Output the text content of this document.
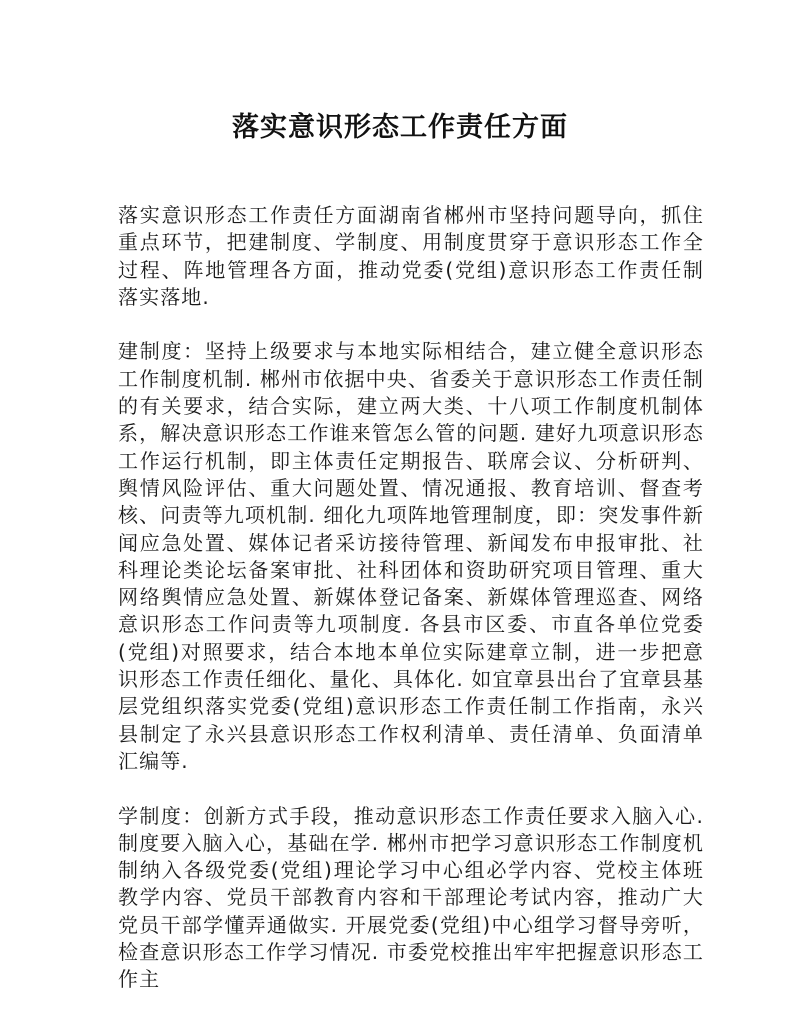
落实意识形态工作责任方面

落实意识形态工作责任方面湖南省郴州市坚持问题导向，抓住重点环节，把建制度、学制度、用制度贯穿于意识形态工作全过程、阵地管理各方面，推动党委(党组)意识形态工作责任制落实落地.

建制度：坚持上级要求与本地实际相结合，建立健全意识形态工作制度机制. 郴州市依据中央、省委关于意识形态工作责任制的有关要求，结合实际，建立两大类、十八项工作制度机制体系，解决意识形态工作谁来管怎么管的问题. 建好九项意识形态工作运行机制，即主体责任定期报告、联席会议、分析研判、舆情风险评估、重大问题处置、情况通报、教育培训、督查考核、问责等九项机制. 细化九项阵地管理制度，即：突发事件新闻应急处置、媒体记者采访接待管理、新闻发布申报审批、社科理论类论坛备案审批、社科团体和资助研究项目管理、重大网络舆情应急处置、新媒体登记备案、新媒体管理巡查、网络意识形态工作问责等九项制度. 各县市区委、市直各单位党委(党组)对照要求，结合本地本单位实际建章立制，进一步把意识形态工作责任细化、量化、具体化. 如宜章县出台了宜章县基层党组织落实党委(党组)意识形态工作责任制工作指南，永兴县制定了永兴县意识形态工作权利清单、责任清单、负面清单汇编等.

学制度：创新方式手段，推动意识形态工作责任要求入脑入心. 制度要入脑入心，基础在学. 郴州市把学习意识形态工作制度机制纳入各级党委(党组)理论学习中心组必学内容、党校主体班教学内容、党员干部教育内容和干部理论考试内容，推动广大党员干部学懂弄通做实. 开展党委(党组)中心组学习督导旁听，检查意识形态工作学习情况. 市委党校推出牢牢把握意识形态工作主
